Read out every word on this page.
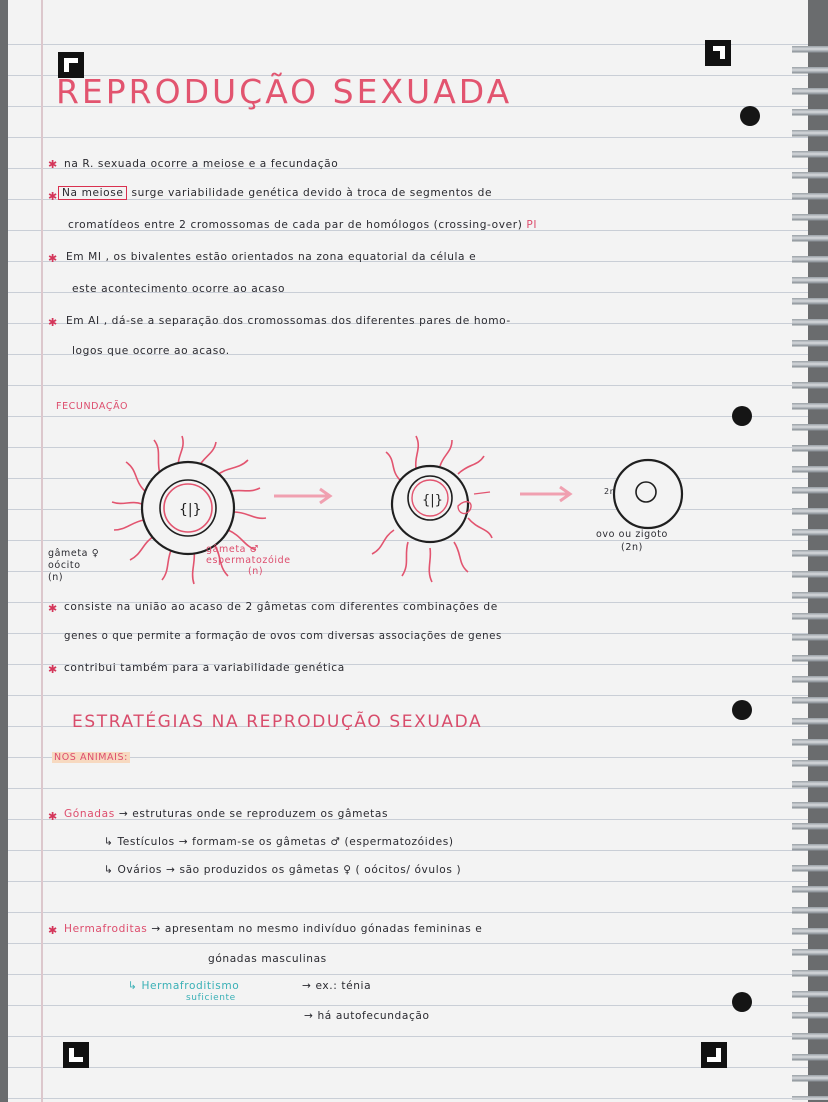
REPRODUÇÃO SEXUADA
✱ na R. sexuada ocorre a meiose e a fecundação
✱ Na meiose surge variabilidade genética devido à troca de segmentos de
cromatídeos entre 2 cromossomas de cada par de homólogos (crossing-over) PI
✱ Em MI , os bivalentes estão orientados na zona equatorial da célula e
este acontecimento ocorre ao acaso
✱ Em AI , dá-se a separação dos cromossomas dos diferentes pares de homo-
logos que ocorre ao acaso.
FECUNDAÇÃO
{|}
{|}
2n
gâmeta ♀
oócito
(n)
gâmeta ♂
espermatozóide
(n)
ovo ou zigoto
(2n)
✱ consiste na união ao acaso de 2 gâmetas com diferentes combinações de
genes o que permite a formação de ovos com diversas associações de genes
✱ contribui também para a variabilidade genética
ESTRATÉGIAS NA REPRODUÇÃO SEXUADA
NOS ANIMAIS:
✱ Gónadas → estruturas onde se reproduzem os gâmetas
↳ Testículos → formam-se os gâmetas ♂ (espermatozóides)
↳ Ovários → são produzidos os gâmetas ♀ ( oócitos/ óvulos )
✱ Hermafroditas → apresentam no mesmo indivíduo gónadas femininas e
gónadas masculinas
↳ Hermafroditismo
suficiente
→ ex.: ténia
→ há autofecundação
